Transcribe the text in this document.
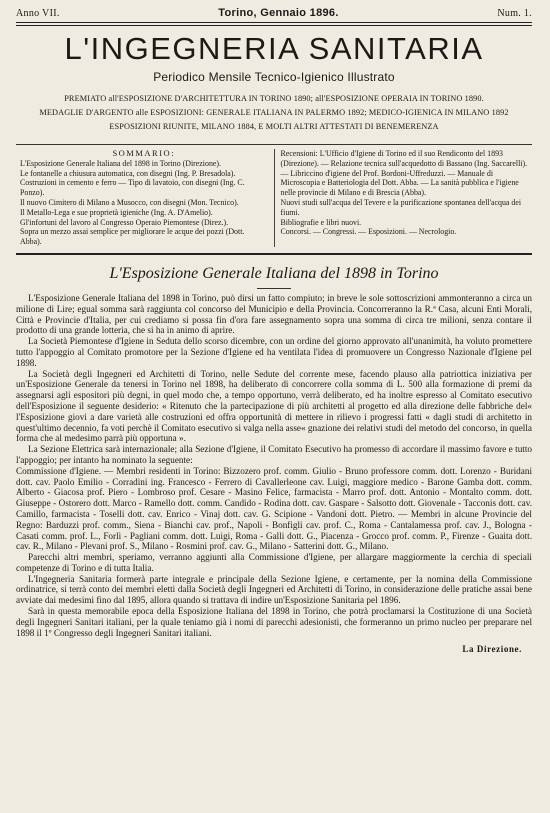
Anno VII.	Torino, Gennaio 1896.	Num. 1.
L'INGEGNERIA SANITARIA
Periodico Mensile Tecnico-Igienico Illustrato
PREMIATO all'ESPOSIZIONE D'ARCHITETTURA IN TORINO 1890; all'ESPOSIZIONE OPERAIA IN TORINO 1890.
MEDAGLIE D'ARGENTO alle ESPOSIZIONI: GENERALE ITALIANA IN PALERMO 1892; MEDICO-IGIENICA IN MILANO 1892
ESPOSIZIONI RIUNITE, MILANO 1884, E MOLTI ALTRI ATTESTATI DI BENEMERENZA
SOMMARIO:

L'Esposizione Generale Italiana del 1898 in Torino (Direzione).

Le fontanelle a chiusura automatica, con disegni (Ing. P. Bresadola).

Costruzioni in cemento e ferro — Tipo di lavatoio, con disegni (Ing. C. Ponzo).

Il nuovo Cimitero di Milano a Musocco, con disegni (Mon. Tecnico).

Il Metallo-Lega e sue proprietà igieniche (Ing. A. D'Amelio).

Gl'infortuni del lavoro al Congresso Operaio Piemontese (Direz.).

Sopra un mezzo assai semplice per migliorare le acque dei pozzi (Dott. Abba).

Recensioni: L'Ufficio d'Igiene di Torino ed il suo Rendiconto del 1893 (Direzione). — Relazione tecnica sull'acquedotto di Bassano (Ing. Saccarelli). — Libriccino d'igiene del Prof. Bordoni-Uffreduzzi. — Manuale di Microscopia e Batteriologia del Dott. Abba. — La sanità pubblica e l'igiene nelle provincie di Milano e di Brescia (Abba).

Nuovi studi sull'acqua del Tevere e la purificazione spontanea dell'acqua dei fiumi.

Bibliografie e libri nuovi.

Concorsi. — Congressi. — Esposizioni. — Necrologio.

L'Esposizione Generale Italiana del 1898 in Torino

L'Esposizione Generale Italiana del 1898 in Torino, può dirsi un fatto compiuto; in breve le sole sottoscrizioni ammonteranno a circa un milione di Lire; egual somma sarà raggiunta col concorso del Municipio e della Provincia. Concorreranno la R.ª Casa, alcuni Enti Morali, Città e Provincie d'Italia, per cui crediamo si possa fin d'ora fare assegnamento sopra una somma di circa tre milioni, senza contare il prodotto di una grande lotteria, che si ha in animo di aprire.

La Società Piemontese d'Igiene in Seduta dello scorso dicembre, con un ordine del giorno approvato all'unanimità, ha voluto promettere tutto l'appoggio al Comitato promotore per la Sezione d'Igiene ed ha ventilata l'idea di promuovere un Congresso Nazionale d'Igiene pel 1898.

La Società degli Ingegneri ed Architetti di Torino, nelle Sedute del corrente mese, facendo plauso alla patriottica iniziativa per un'Esposizione Generale da tenersi in Torino nel 1898, ha deliberato di concorrere colla somma di L. 500 alla formazione di premi da assegnarsi agli espositori più degni, in quel modo che, a tempo opportuno, verrà deliberato, ed ha inoltre espresso al Comitato esecutivo dell'Esposizione il seguente desiderio: « Ritenuto che la partecipazione di più architetti al progetto ed alla direzione delle fabbriche del« l'Esposizione giovi a dare varietà alle costruzioni ed offra opportunità di mettere in rilievo i progressi fatti « dagli studi di architetto in quest'ultimo decennio, fa voti perchè il Comitato esecutivo si valga nella asse« gnazione dei relativi studi del metodo del concorso, in quella forma che al medesimo parrà più opportuna ».

La Sezione Elettrica sarà internazionale; alla Sezione d'Igiene, il Comitato Esecutivo ha promesso di accordare il massimo favore e tutto l'appoggio; per intanto ha nominato la seguente:

Commissione d'Igiene. — Membri residenti in Torino: Bizzozero prof. comm. Giulio - Bruno professore comm. dott. Lorenzo - Buridani dott. cav. Paolo Emilio - Corradini ing. Francesco - Ferrero di Cavallerleone cav. Luigi, maggiore medico - Barone Gamba dott. comm. Alberto - Giacosa prof. Piero - Lombroso prof. Cesare - Masino Felice, farmacista - Marro prof. dott. Antonio - Montalto comm. dott. Giuseppe - Ostorero dott. Marco - Ramello dott. comm. Candido - Rodina dott. cav. Gaspare - Salsotto dott. Giovenale - Tacconis dott. cav. Camillo, farmacista - Toselli dott. cav. Enrico - Vinaj dott. cav. G. Scipione - Vandoni dott. Pietro. — Membri in alcune Provincie del Regno: Barduzzi prof. comm., Siena - Bianchi cav. prof., Napoli - Bonfigli cav. prof. C., Roma - Cantalamessa prof. cav. J., Bologna - Casati comm. prof. L., Forlì - Pagliani comm. dott. Luigi, Roma - Galli dott. G., Piacenza - Grocco prof. comm. P., Firenze - Guaita dott. cav. R., Milano - Plevani prof. S., Milano - Rosmini prof. cav. G., Milano - Satterini dott. G., Milano.

Parecchi altri membri, speriamo, verranno aggiunti alla Commissione d'Igiene, per allargare maggiormente la cerchia di speciali competenze di Torino e di tutta Italia.

L'Ingegneria Sanitaria formerà parte integrale e principale della Sezione Igiene, e certamente, per la nomina della Commissione ordinatrice, si terrà conto dei membri eletti dalla Società degli Ingegneri ed Architetti di Torino, in considerazione delle pratiche assai bene avviate dai medesimi fino dal 1895, allora quando si trattava di indire un'Esposizione Sanitaria pel 1896.

Sarà in questa memorabile epoca della Esposizione Italiana del 1898 in Torino, che potrà proclamarsi la Costituzione di una Società degli Ingegneri Sanitari italiani, per la quale teniamo già i nomi di parecchi adesionisti, che formeranno un primo nucleo per preparare nel 1898 il 1º Congresso degli Ingegneri Sanitari italiani.

La Direzione.
